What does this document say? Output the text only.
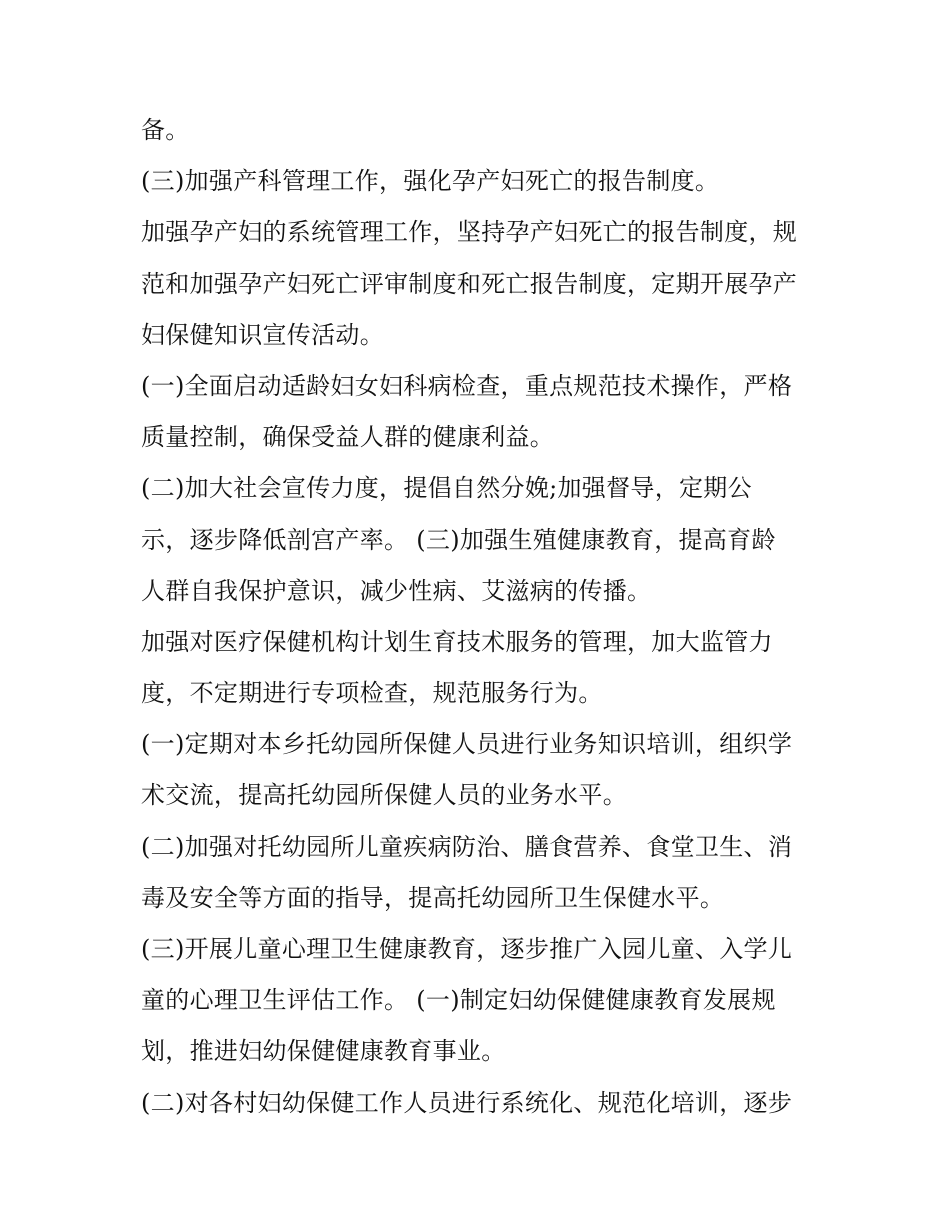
备。
(三)加强产科管理工作，强化孕产妇死亡的报告制度。
加强孕产妇的系统管理工作，坚持孕产妇死亡的报告制度，规
范和加强孕产妇死亡评审制度和死亡报告制度，定期开展孕产
妇保健知识宣传活动。
(一)全面启动适龄妇女妇科病检查，重点规范技术操作，严格
质量控制，确保受益人群的健康利益。
(二)加大社会宣传力度，提倡自然分娩;加强督导，定期公
示，逐步降低剖宫产率。 (三)加强生殖健康教育，提高育龄
人群自我保护意识，减少性病、艾滋病的传播。
加强对医疗保健机构计划生育技术服务的管理，加大监管力
度，不定期进行专项检查，规范服务行为。
(一)定期对本乡托幼园所保健人员进行业务知识培训，组织学
术交流，提高托幼园所保健人员的业务水平。
(二)加强对托幼园所儿童疾病防治、膳食营养、食堂卫生、消
毒及安全等方面的指导，提高托幼园所卫生保健水平。
(三)开展儿童心理卫生健康教育，逐步推广入园儿童、入学儿
童的心理卫生评估工作。 (一)制定妇幼保健健康教育发展规
划，推进妇幼保健健康教育事业。
(二)对各村妇幼保健工作人员进行系统化、规范化培训，逐步
